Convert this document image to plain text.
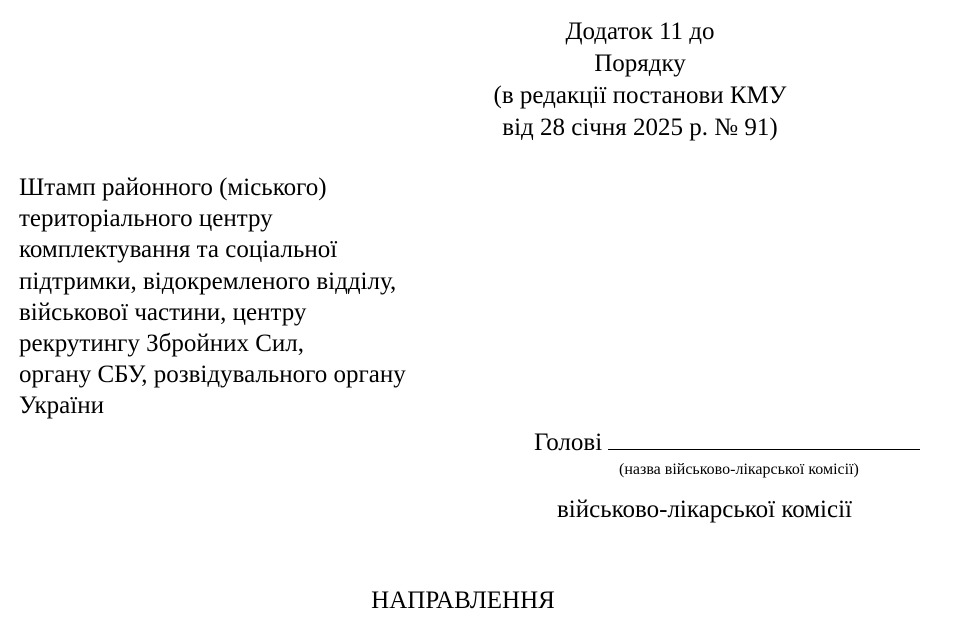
Додаток 11 до
Порядку
(в редакції постанови КМУ
від 28 січня 2025 р. № 91)
Штамп районного (міського)
територіального центру
комплектування та соціальної
підтримки, відокремленого відділу,
військової частини, центру
рекрутингу Збройних Сил,
органу СБУ, розвідувального органу
України
Голові
(назва військово-лікарської комісії)
військово-лікарської комісії
НАПРАВЛЕННЯ
